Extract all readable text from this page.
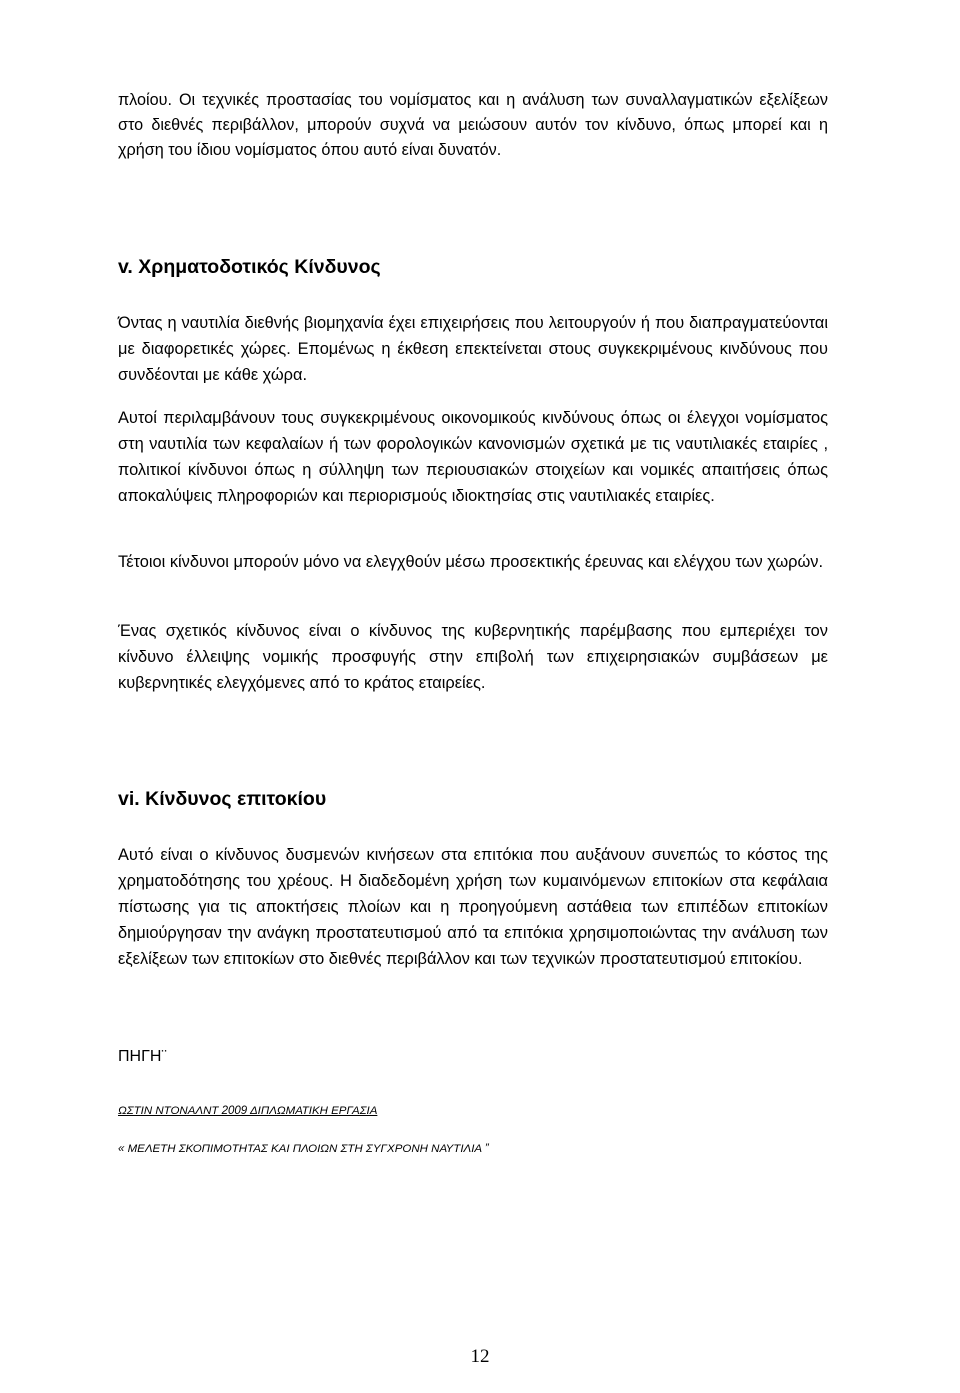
πλοίου. Οι τεχνικές προστασίας του νομίσματος και η ανάλυση των συναλλαγματικών εξελίξεων στο διεθνές περιβάλλον, μπορούν συχνά να μειώσουν αυτόν τον κίνδυνο, όπως μπορεί και η χρήση του ίδιου νομίσματος όπου αυτό είναι δυνατόν.

v. Χρηματοδοτικός Κίνδυνος

Όντας η ναυτιλία διεθνής βιομηχανία έχει επιχειρήσεις που λειτουργούν ή που διαπραγματεύονται με διαφορετικές χώρες. Επομένως η έκθεση επεκτείνεται στους συγκεκριμένους κινδύνους που συνδέονται με κάθε χώρα.

Αυτοί περιλαμβάνουν τους συγκεκριμένους οικονομικούς κινδύνους όπως οι έλεγχοι νομίσματος στη ναυτιλία των κεφαλαίων ή των φορολογικών κανονισμών σχετικά με τις ναυτιλιακές εταιρίες , πολιτικοί κίνδυνοι όπως η σύλληψη των περιουσιακών στοιχείων και νομικές απαιτήσεις όπως αποκαλύψεις πληροφοριών και περιορισμούς ιδιοκτησίας στις ναυτιλιακές εταιρίες.

Τέτοιοι κίνδυνοι μπορούν μόνο να ελεγχθούν μέσω προσεκτικής έρευνας και ελέγχου των χωρών.

Ένας σχετικός κίνδυνος είναι ο κίνδυνος της κυβερνητικής παρέμβασης που εμπεριέχει τον κίνδυνο έλλειψης νομικής προσφυγής στην επιβολή των επιχειρησιακών συμβάσεων με κυβερνητικές ελεγχόμενες από το κράτος εταιρείες.

vi. Κίνδυνος επιτοκίου

Αυτό είναι ο κίνδυνος δυσμενών κινήσεων στα επιτόκια που αυξάνουν συνεπώς το κόστος της χρηματοδότησης του χρέους. Η διαδεδομένη χρήση των κυμαινόμενων επιτοκίων στα κεφάλαια πίστωσης για τις αποκτήσεις πλοίων και η προηγούμενη αστάθεια των επιπέδων επιτοκίων δημιούργησαν την ανάγκη προστατευτισμού από τα επιτόκια χρησιμοποιώντας την ανάλυση των εξελίξεων των επιτοκίων στο διεθνές περιβάλλον και των τεχνικών προστατευτισμού επιτοκίου.

ΠΗΓΗ¨

ΩΣΤΙΝ ΝΤΟΝΑΛΝΤ 2009 ΔΙΠΛΩΜΑΤΙΚΗ ΕΡΓΑΣΙΑ

« ΜΕΛΕΤΗ ΣΚΟΠΙΜΟΤΗΤΑΣ ΚΑΙ ΠΛΟΙΩΝ ΣΤΗ ΣΥΓΧΡΟΝΗ ΝΑΥΤΙΛΙΑ ”

12
